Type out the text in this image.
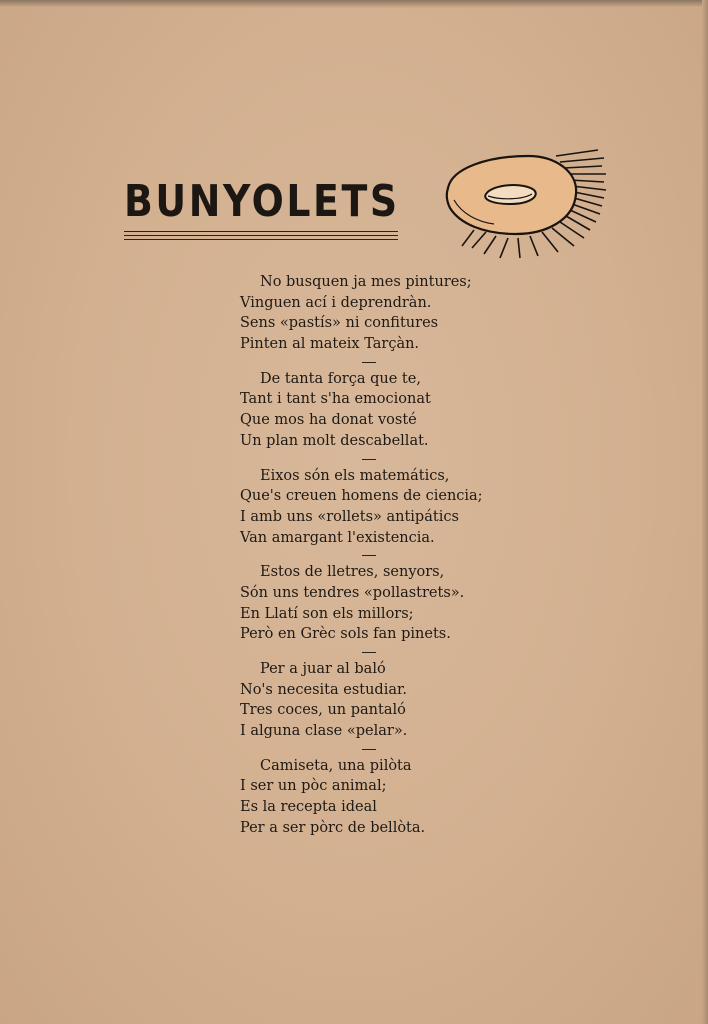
BUNYOLETS
No busquen ja mes pintures;
Vinguen ací i deprendràn.
Sens «pastís» ni confitures
Pinten al mateix Tarçàn.
De tanta força que te,
Tant i tant s'ha emocionat
Que mos ha donat vosté
Un plan molt descabellat.
Eixos són els matemátics,
Que's creuen homens de ciencia;
I amb uns «rollets» antipátics
Van amargant l'existencia.
Estos de lletres, senyors,
Són uns tendres «pollastrets».
En Llatí son els millors;
Però en Grèc sols fan pinets.
Per a juar al baló
No's necesita estudiar.
Tres coces, un pantaló
I alguna clase «pelar».
Camiseta, una pilòta
I ser un pòc animal;
Es la recepta ideal
Per a ser pòrc de bellòta.
